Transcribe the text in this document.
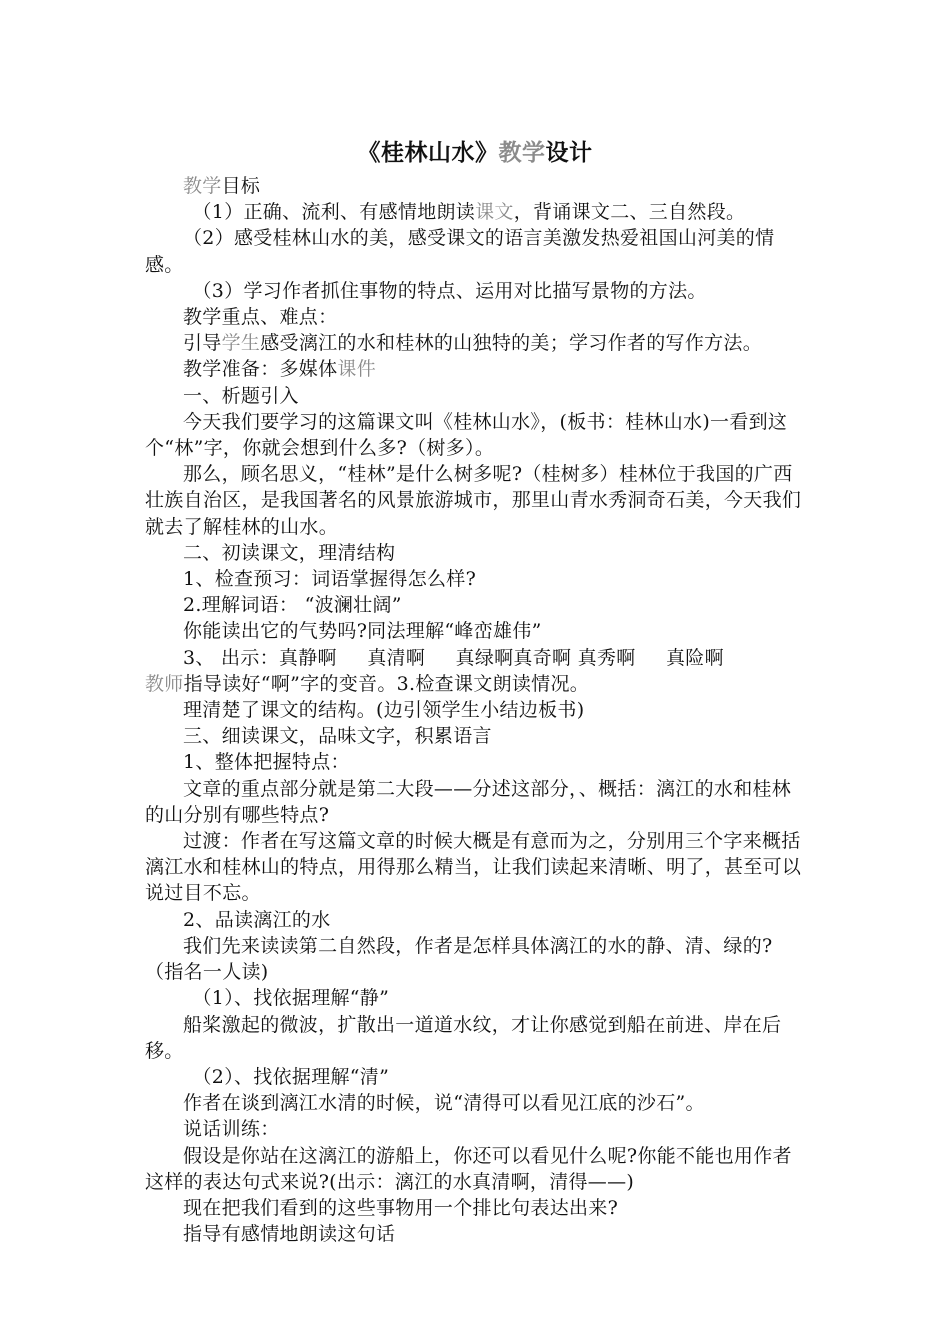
《桂林山水》教学设计

教学目标

（1）正确、流利、有感情地朗读课文，背诵课文二、三自然段。

（2）感受桂林山水的美，感受课文的语言美激发热爱祖国山河美的情感。

（3）学习作者抓住事物的特点、运用对比描写景物的方法。

教学重点、难点：

引导学生感受漓江的水和桂林的山独特的美；学习作者的写作方法。

教学准备：多媒体课件

一、析题引入

今天我们要学习的这篇课文叫《桂林山水》，(板书：桂林山水)一看到这个“林”字，你就会想到什么多?（树多）。

那么，顾名思义，“桂林”是什么树多呢?（桂树多）桂林位于我国的广西壮族自治区，是我国著名的风景旅游城市，那里山青水秀洞奇石美，今天我们就去了解桂林的山水。

二、初读课文，理清结构

1、检查预习：词语掌握得怎么样?

2.理解词语： “波澜壮阔”

你能读出它的气势吗?同法理解“峰峦雄伟”

3、 出示：真静啊 真清啊 真绿啊真奇啊 真秀啊 真险啊

教师指导读好“啊”字的变音。3.检查课文朗读情况。

理清楚了课文的结构。(边引领学生小结边板书)

三、细读课文，品味文字，积累语言

1、整体把握特点：

文章的重点部分就是第二大段——分述这部分，、概括：漓江的水和桂林的山分别有哪些特点?

过渡：作者在写这篇文章的时候大概是有意而为之，分别用三个字来概括漓江水和桂林山的特点，用得那么精当，让我们读起来清晰、明了，甚至可以说过目不忘。

2、品读漓江的水

我们先来读读第二自然段，作者是怎样具体漓江的水的静、清、绿的? （指名一人读)

（1）、找依据理解“静”

船桨激起的微波，扩散出一道道水纹，才让你感觉到船在前进、岸在后移。

（2）、找依据理解“清”

作者在谈到漓江水清的时候，说“清得可以看见江底的沙石”。

说话训练：

假设是你站在这漓江的游船上，你还可以看见什么呢?你能不能也用作者这样的表达句式来说?(出示：漓江的水真清啊，清得——)

现在把我们看到的这些事物用一个排比句表达出来?

指导有感情地朗读这句话
